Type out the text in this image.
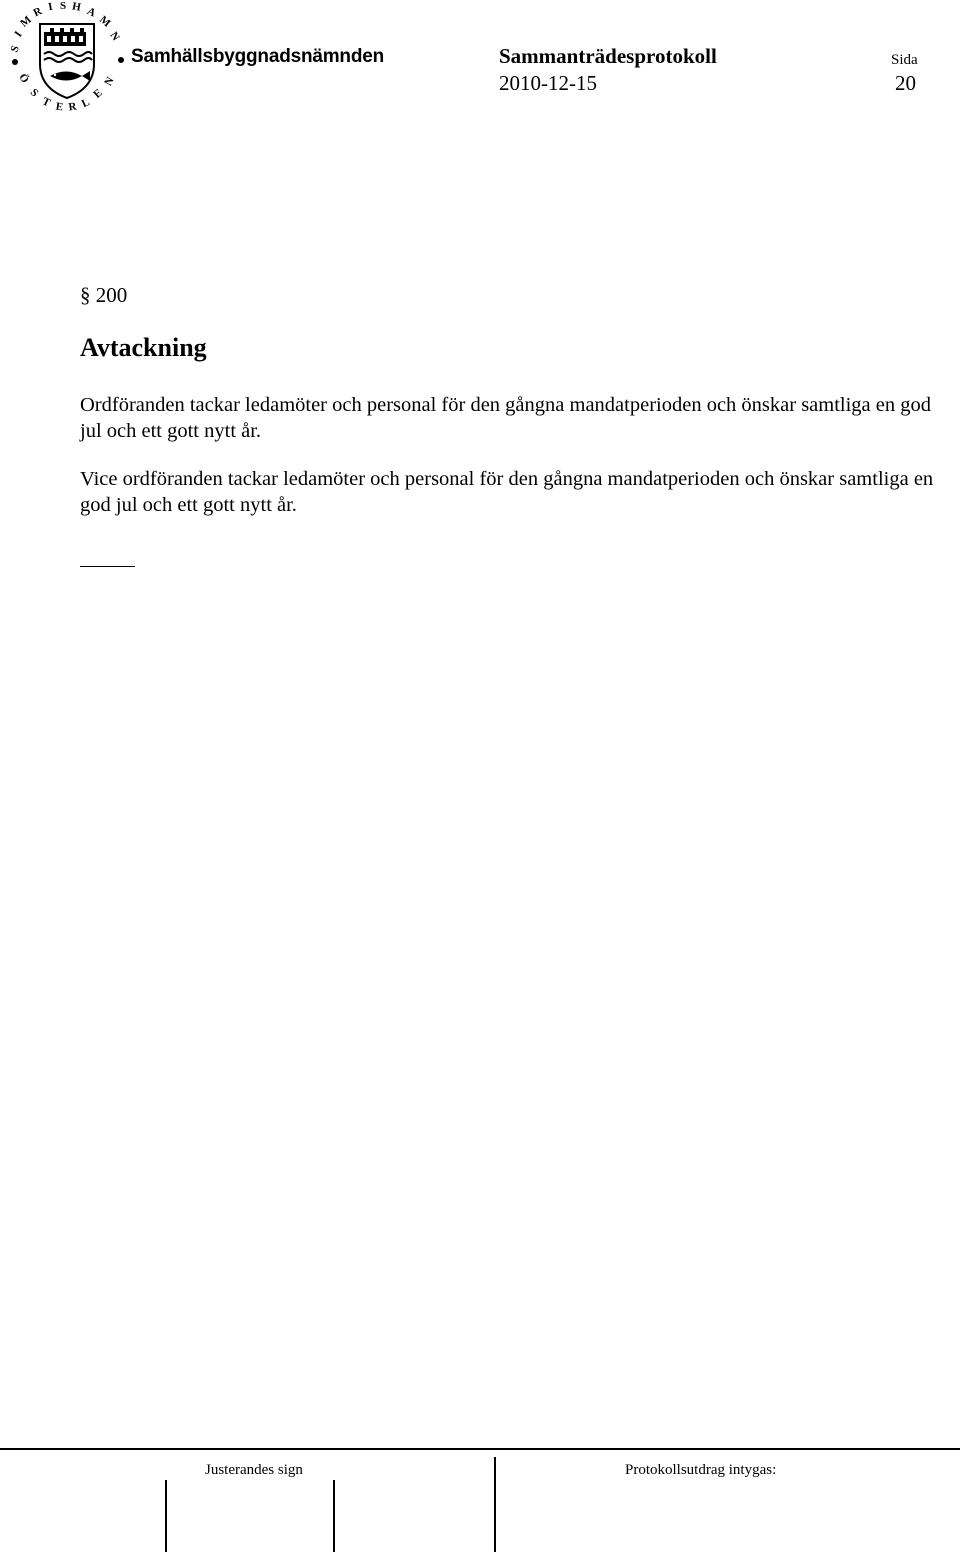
S
I
M
R I S H A
M
N
Ö
S
T E R L
E
N
Samhällsbyggnadsnämnden	Sammanträdesprotokoll
2010-12-15
Sida
20
§ 200
Avtackning
Ordföranden tackar ledamöter och personal för den gångna mandatperioden och önskar samtliga en god jul och ett gott nytt år.
Vice ordföranden tackar ledamöter och personal för den gångna mandatperioden och önskar samtliga en god jul och ett gott nytt år.
Justerandes sign	Protokollsutdrag intygas:
